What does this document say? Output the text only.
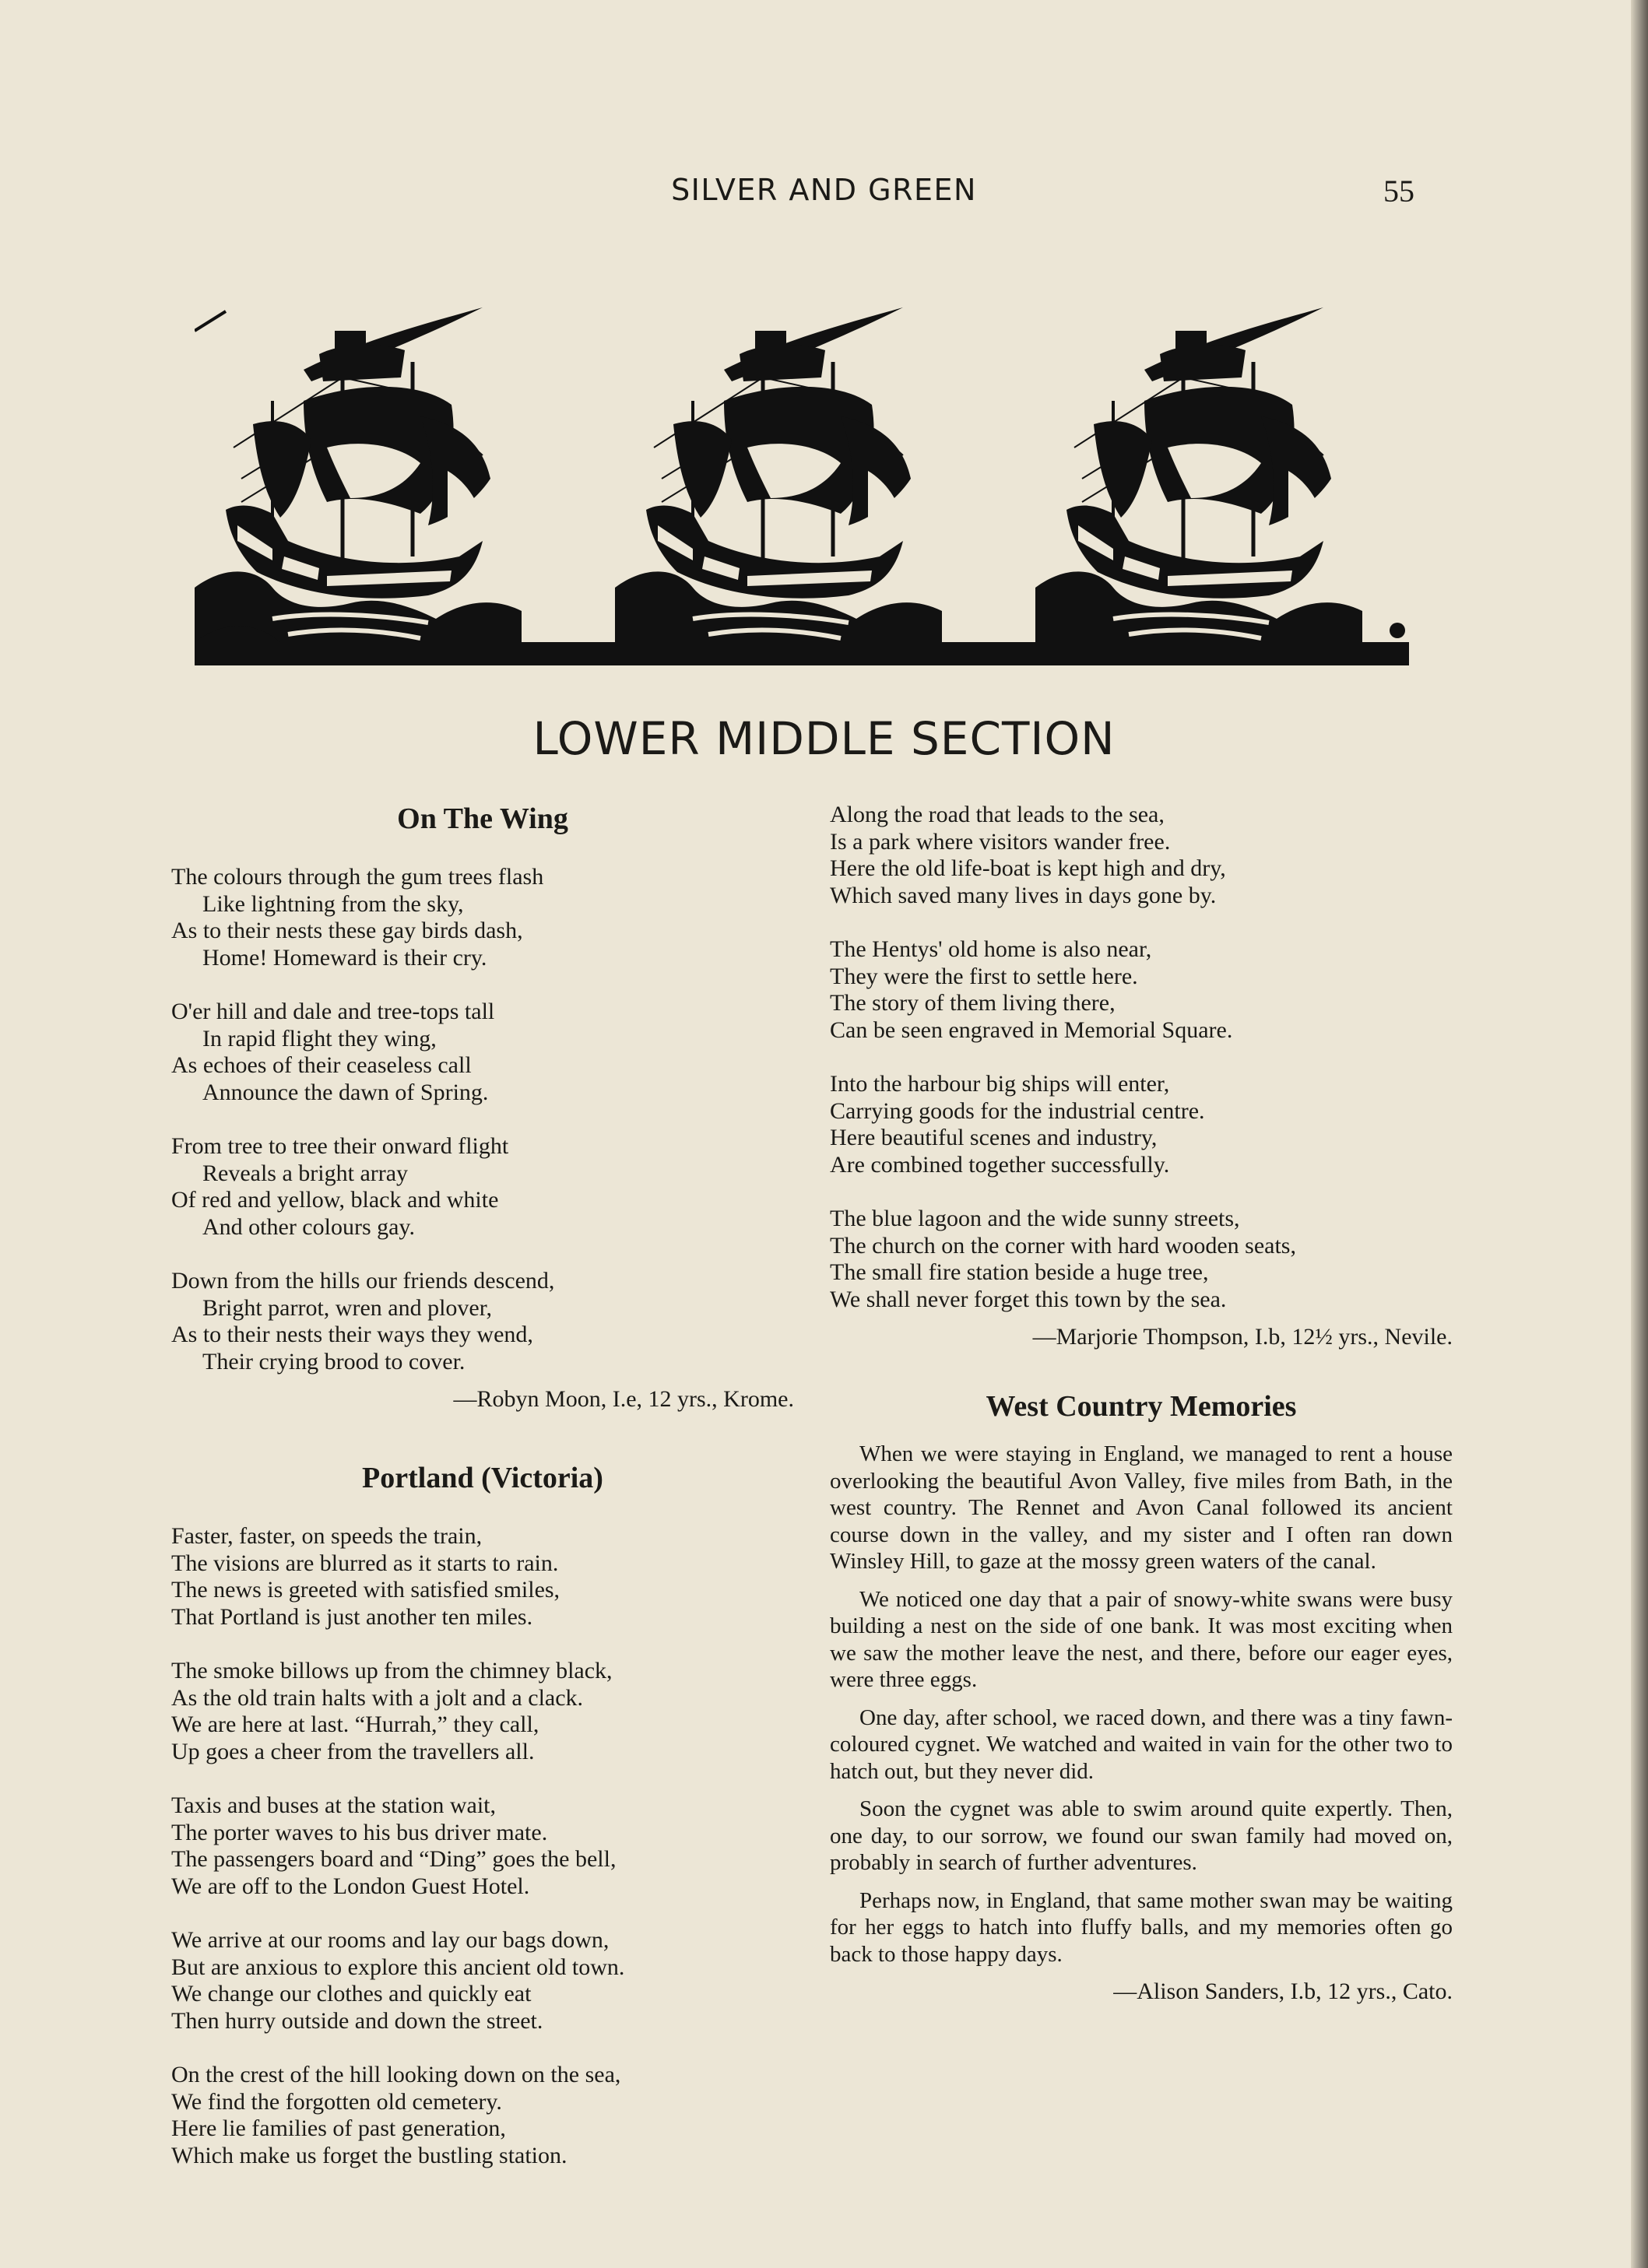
SILVER AND GREEN	55
LOWER MIDDLE SECTION
On The Wing
The colours through the gum trees flash
Like lightning from the sky,
As to their nests these gay birds dash,
Home! Homeward is their cry.
O'er hill and dale and tree-tops tall
In rapid flight they wing,
As echoes of their ceaseless call
Announce the dawn of Spring.
From tree to tree their onward flight
Reveals a bright array
Of red and yellow, black and white
And other colours gay.
Down from the hills our friends descend,
Bright parrot, wren and plover,
As to their nests their ways they wend,
Their crying brood to cover.
—Robyn Moon, I.e, 12 yrs., Krome.
Portland (Victoria)
Faster, faster, on speeds the train,
The visions are blurred as it starts to rain.
The news is greeted with satisfied smiles,
That Portland is just another ten miles.
The smoke billows up from the chimney black,
As the old train halts with a jolt and a clack.
We are here at last. “Hurrah,” they call,
Up goes a cheer from the travellers all.
Taxis and buses at the station wait,
The porter waves to his bus driver mate.
The passengers board and “Ding” goes the bell,
We are off to the London Guest Hotel.
We arrive at our rooms and lay our bags down,
But are anxious to explore this ancient old town.
We change our clothes and quickly eat
Then hurry outside and down the street.
On the crest of the hill looking down on the sea,
We find the forgotten old cemetery.
Here lie families of past generation,
Which make us forget the bustling station.
Along the road that leads to the sea,
Is a park where visitors wander free.
Here the old life-boat is kept high and dry,
Which saved many lives in days gone by.
The Hentys' old home is also near,
They were the first to settle here.
The story of them living there,
Can be seen engraved in Memorial Square.
Into the harbour big ships will enter,
Carrying goods for the industrial centre.
Here beautiful scenes and industry,
Are combined together successfully.
The blue lagoon and the wide sunny streets,
The church on the corner with hard wooden seats,
The small fire station beside a huge tree,
We shall never forget this town by the sea.
—Marjorie Thompson, I.b, 12½ yrs., Nevile.
West Country Memories

When we were staying in England, we managed to rent a house overlooking the beautiful Avon Valley, five miles from Bath, in the west country. The Rennet and Avon Canal followed its ancient course down in the valley, and my sister and I often ran down Winsley Hill, to gaze at the mossy green waters of the canal.

We noticed one day that a pair of snowy-white swans were busy building a nest on the side of one bank. It was most exciting when we saw the mother leave the nest, and there, before our eager eyes, were three eggs.

One day, after school, we raced down, and there was a tiny fawn-coloured cygnet. We watched and waited in vain for the other two to hatch out, but they never did.

Soon the cygnet was able to swim around quite expertly. Then, one day, to our sorrow, we found our swan family had moved on, probably in search of further adventures.

Perhaps now, in England, that same mother swan may be waiting for her eggs to hatch into fluffy balls, and my memories often go back to those happy days.

—Alison Sanders, I.b, 12 yrs., Cato.
